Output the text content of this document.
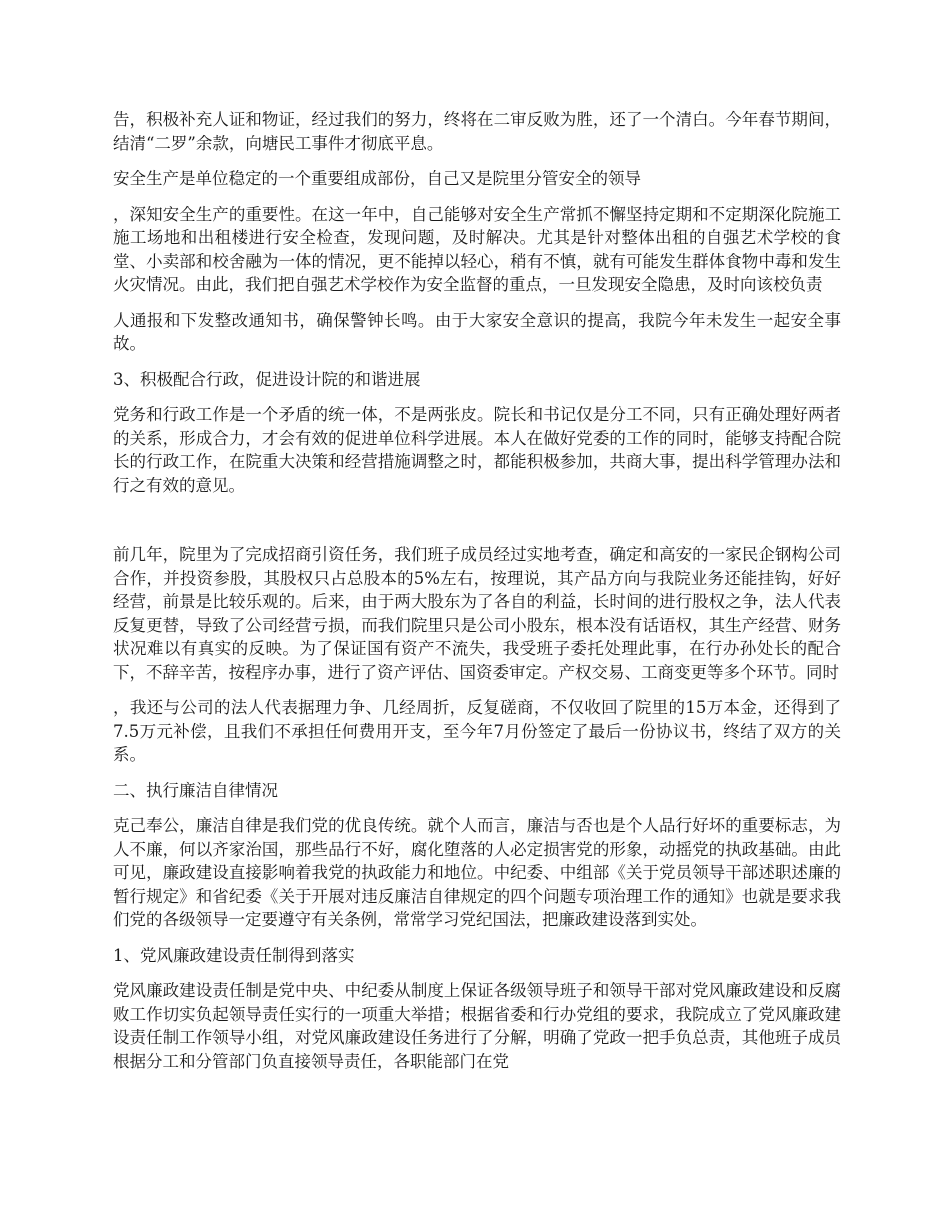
告，积极补充人证和物证，经过我们的努力，终将在二审反败为胜，还了一个清白。今年春节期间，结清“二罗”余款，向塘民工事件才彻底平息。

安全生产是单位稳定的一个重要组成部份，自己又是院里分管安全的领导

，深知安全生产的重要性。在这一年中，自己能够对安全生产常抓不懈坚持定期和不定期深化院施工施工场地和出租楼进行安全检查，发现问题，及时解决。尤其是针对整体出租的自强艺术学校的食堂、小卖部和校舍融为一体的情况，更不能掉以轻心，稍有不慎，就有可能发生群体食物中毒和发生火灾情况。由此，我们把自强艺术学校作为安全监督的重点，一旦发现安全隐患，及时向该校负责

人通报和下发整改通知书，确保警钟长鸣。由于大家安全意识的提高，我院今年未发生一起安全事故。

3、积极配合行政，促进设计院的和谐进展

党务和行政工作是一个矛盾的统一体，不是两张皮。院长和书记仅是分工不同，只有正确处理好两者的关系，形成合力，才会有效的促进单位科学进展。本人在做好党委的工作的同时，能够支持配合院长的行政工作，在院重大决策和经营措施调整之时，都能积极参加，共商大事，提出科学管理办法和行之有效的意见。

前几年，院里为了完成招商引资任务，我们班子成员经过实地考查，确定和高安的一家民企钢构公司合作，并投资参股，其股权只占总股本的5%左右，按理说，其产品方向与我院业务还能挂钩，好好经营，前景是比较乐观的。后来，由于两大股东为了各自的利益，长时间的进行股权之争，法人代表反复更替，导致了公司经营亏损，而我们院里只是公司小股东，根本没有话语权，其生产经营、财务状况难以有真实的反映。为了保证国有资产不流失，我受班子委托处理此事，在行办孙处长的配合下，不辞辛苦，按程序办事，进行了资产评估、国资委审定。产权交易、工商变更等多个环节。同时

，我还与公司的法人代表据理力争、几经周折，反复磋商，不仅收回了院里的15万本金，还得到了7.5万元补偿，且我们不承担任何费用开支，至今年7月份签定了最后一份协议书，终结了双方的关系。

二、执行廉洁自律情况

克己奉公，廉洁自律是我们党的优良传统。就个人而言，廉洁与否也是个人品行好坏的重要标志，为人不廉，何以齐家治国，那些品行不好，腐化堕落的人必定损害党的形象，动摇党的执政基础。由此可见，廉政建设直接影响着我党的执政能力和地位。中纪委、中组部《关于党员领导干部述职述廉的暂行规定》和省纪委《关于开展对违反廉洁自律规定的四个问题专项治理工作的通知》也就是要求我们党的各级领导一定要遵守有关条例，常常学习党纪国法，把廉政建设落到实处。

1、党风廉政建设责任制得到落实

党风廉政建设责任制是党中央、中纪委从制度上保证各级领导班子和领导干部对党风廉政建设和反腐败工作切实负起领导责任实行的一项重大举措；根据省委和行办党组的要求，我院成立了党风廉政建设责任制工作领导小组，对党风廉政建设任务进行了分解，明确了党政一把手负总责，其他班子成员根据分工和分管部门负直接领导责任，各职能部门在党
